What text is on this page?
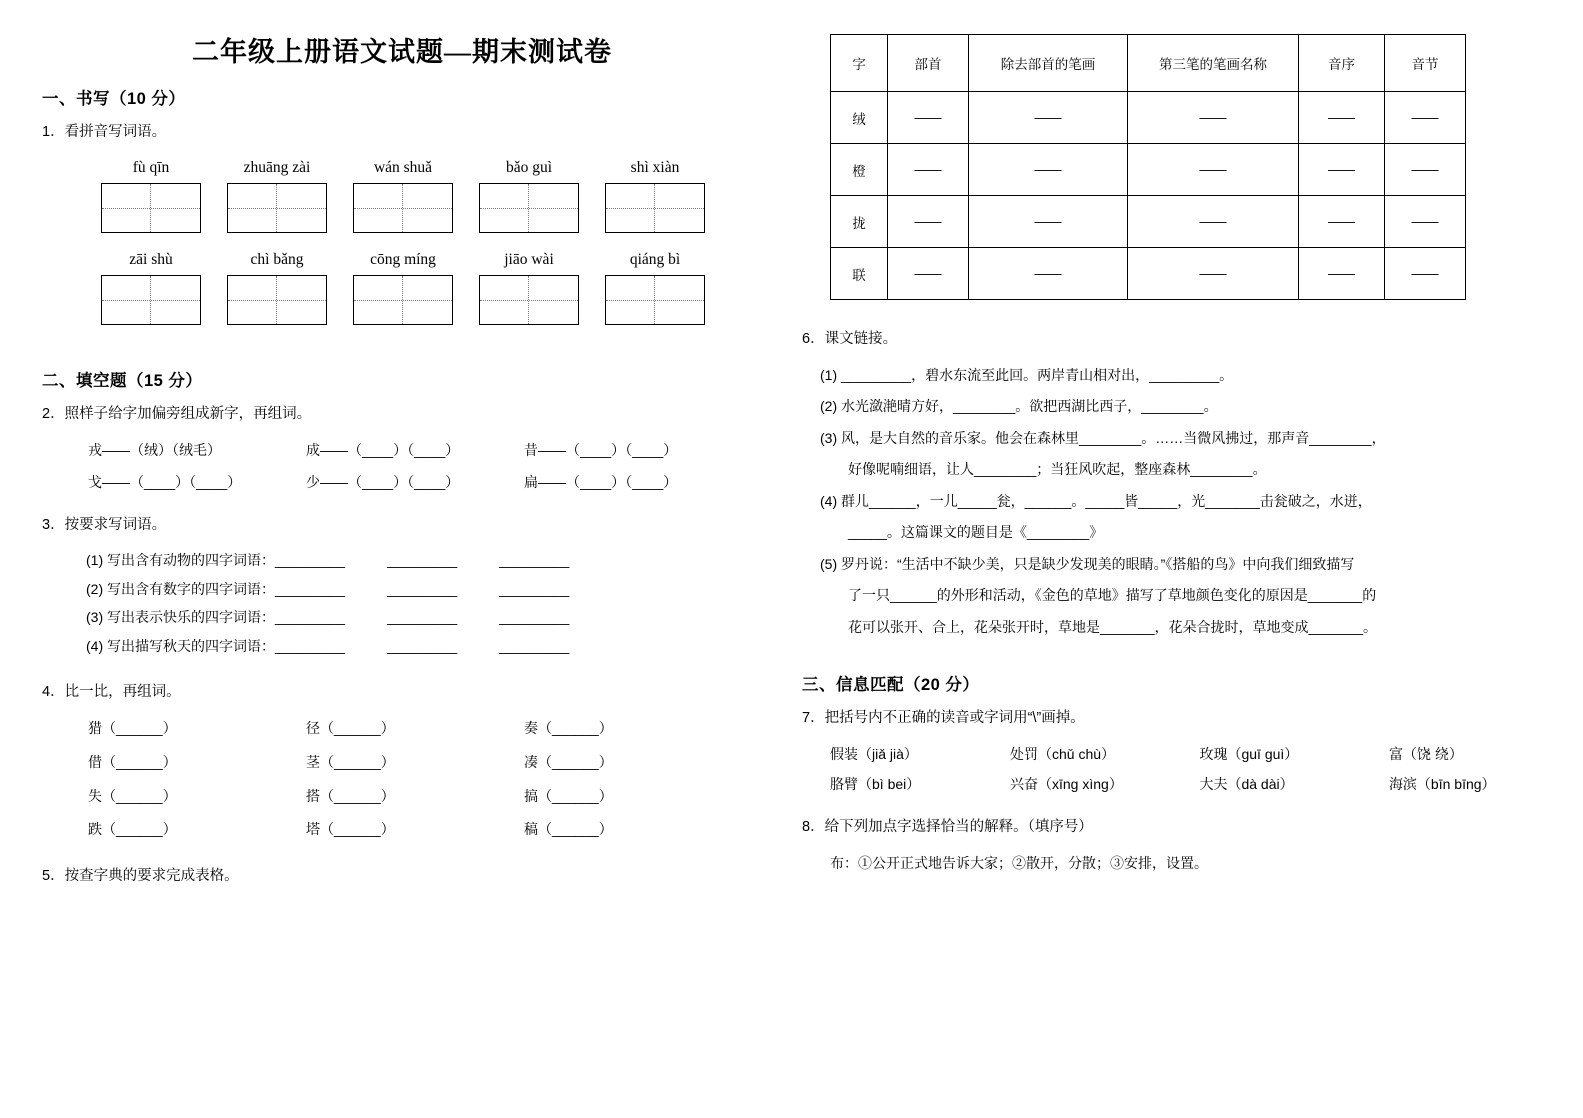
二年级上册语文试题—期末测试卷
一、书写（10 分）
1．看拼音写词语。
fù qīn	zhuāng zài	wán shuǎ	bǎo guì	shì xiàn
zāi shù	chì bǎng	cōng míng	jiāo wài	qiáng bì
二、填空题（15 分）
2．照样子给字加偏旁组成新字，再组词。
戎——（绒）（绒毛）	成——（____）（____）	昔——（____）（____）
戈——（____）（____）	少——（____）（____）	扁——（____）（____）
3．按要求写词语。
(1) 写出含有动物的四字词语：_________　　　_________　　　_________
(2) 写出含有数字的四字词语：_________　　　_________　　　_________
(3) 写出表示快乐的四字词语：_________　　　_________　　　_________
(4) 写出描写秋天的四字词语：_________　　　_________　　　_________
4．比一比，再组词。
猎（______）	径（______）	奏（______）
借（______）	茎（______）	凑（______）
失（______）	搭（______）	搞（______）
跌（______）	塔（______）	稿（______）
5．按查字典的要求完成表格。
字	部首	除去部首的笔画	第三笔的笔画名称	音序	音节
绒	——	——	——	——	——
橙	——	——	——	——	——
拢	——	——	——	——	——
联	——	——	——	——	——
6．课文链接。
(1) _________，碧水东流至此回。两岸青山相对出，_________。
(2) 水光潋滟晴方好，________。欲把西湖比西子，________。
(3) 风，是大自然的音乐家。他会在森林里________。……当微风拂过，那声音________，
好像呢喃细语，让人________；当狂风吹起，整座森林________。
(4) 群儿______，一儿_____瓮，______。_____皆_____，光_______击瓮破之，水迸，
_____。这篇课文的题目是《________》
(5) 罗丹说：“生活中不缺少美，只是缺少发现美的眼睛。”《搭船的鸟》中向我们细致描写
了一只______的外形和活动，《金色的草地》描写了草地颜色变化的原因是_______的
花可以张开、合上，花朵张开时，草地是_______，花朵合拢时，草地变成_______。
三、信息匹配（20 分）
7．把括号内不正确的读音或字词用“\”画掉。
假装（jiǎ jià）	处罚（chǔ chù）	玫瑰（guī guì）	富（饶 绕）
胳臂（bì bei）	兴奋（xīng xìng）	大夫（dà dài）	海滨（bīn bīng）
8．给下列加点字选择恰当的解释。（填序号）
布：①公开正式地告诉大家；②散开，分散；③安排，设置。
